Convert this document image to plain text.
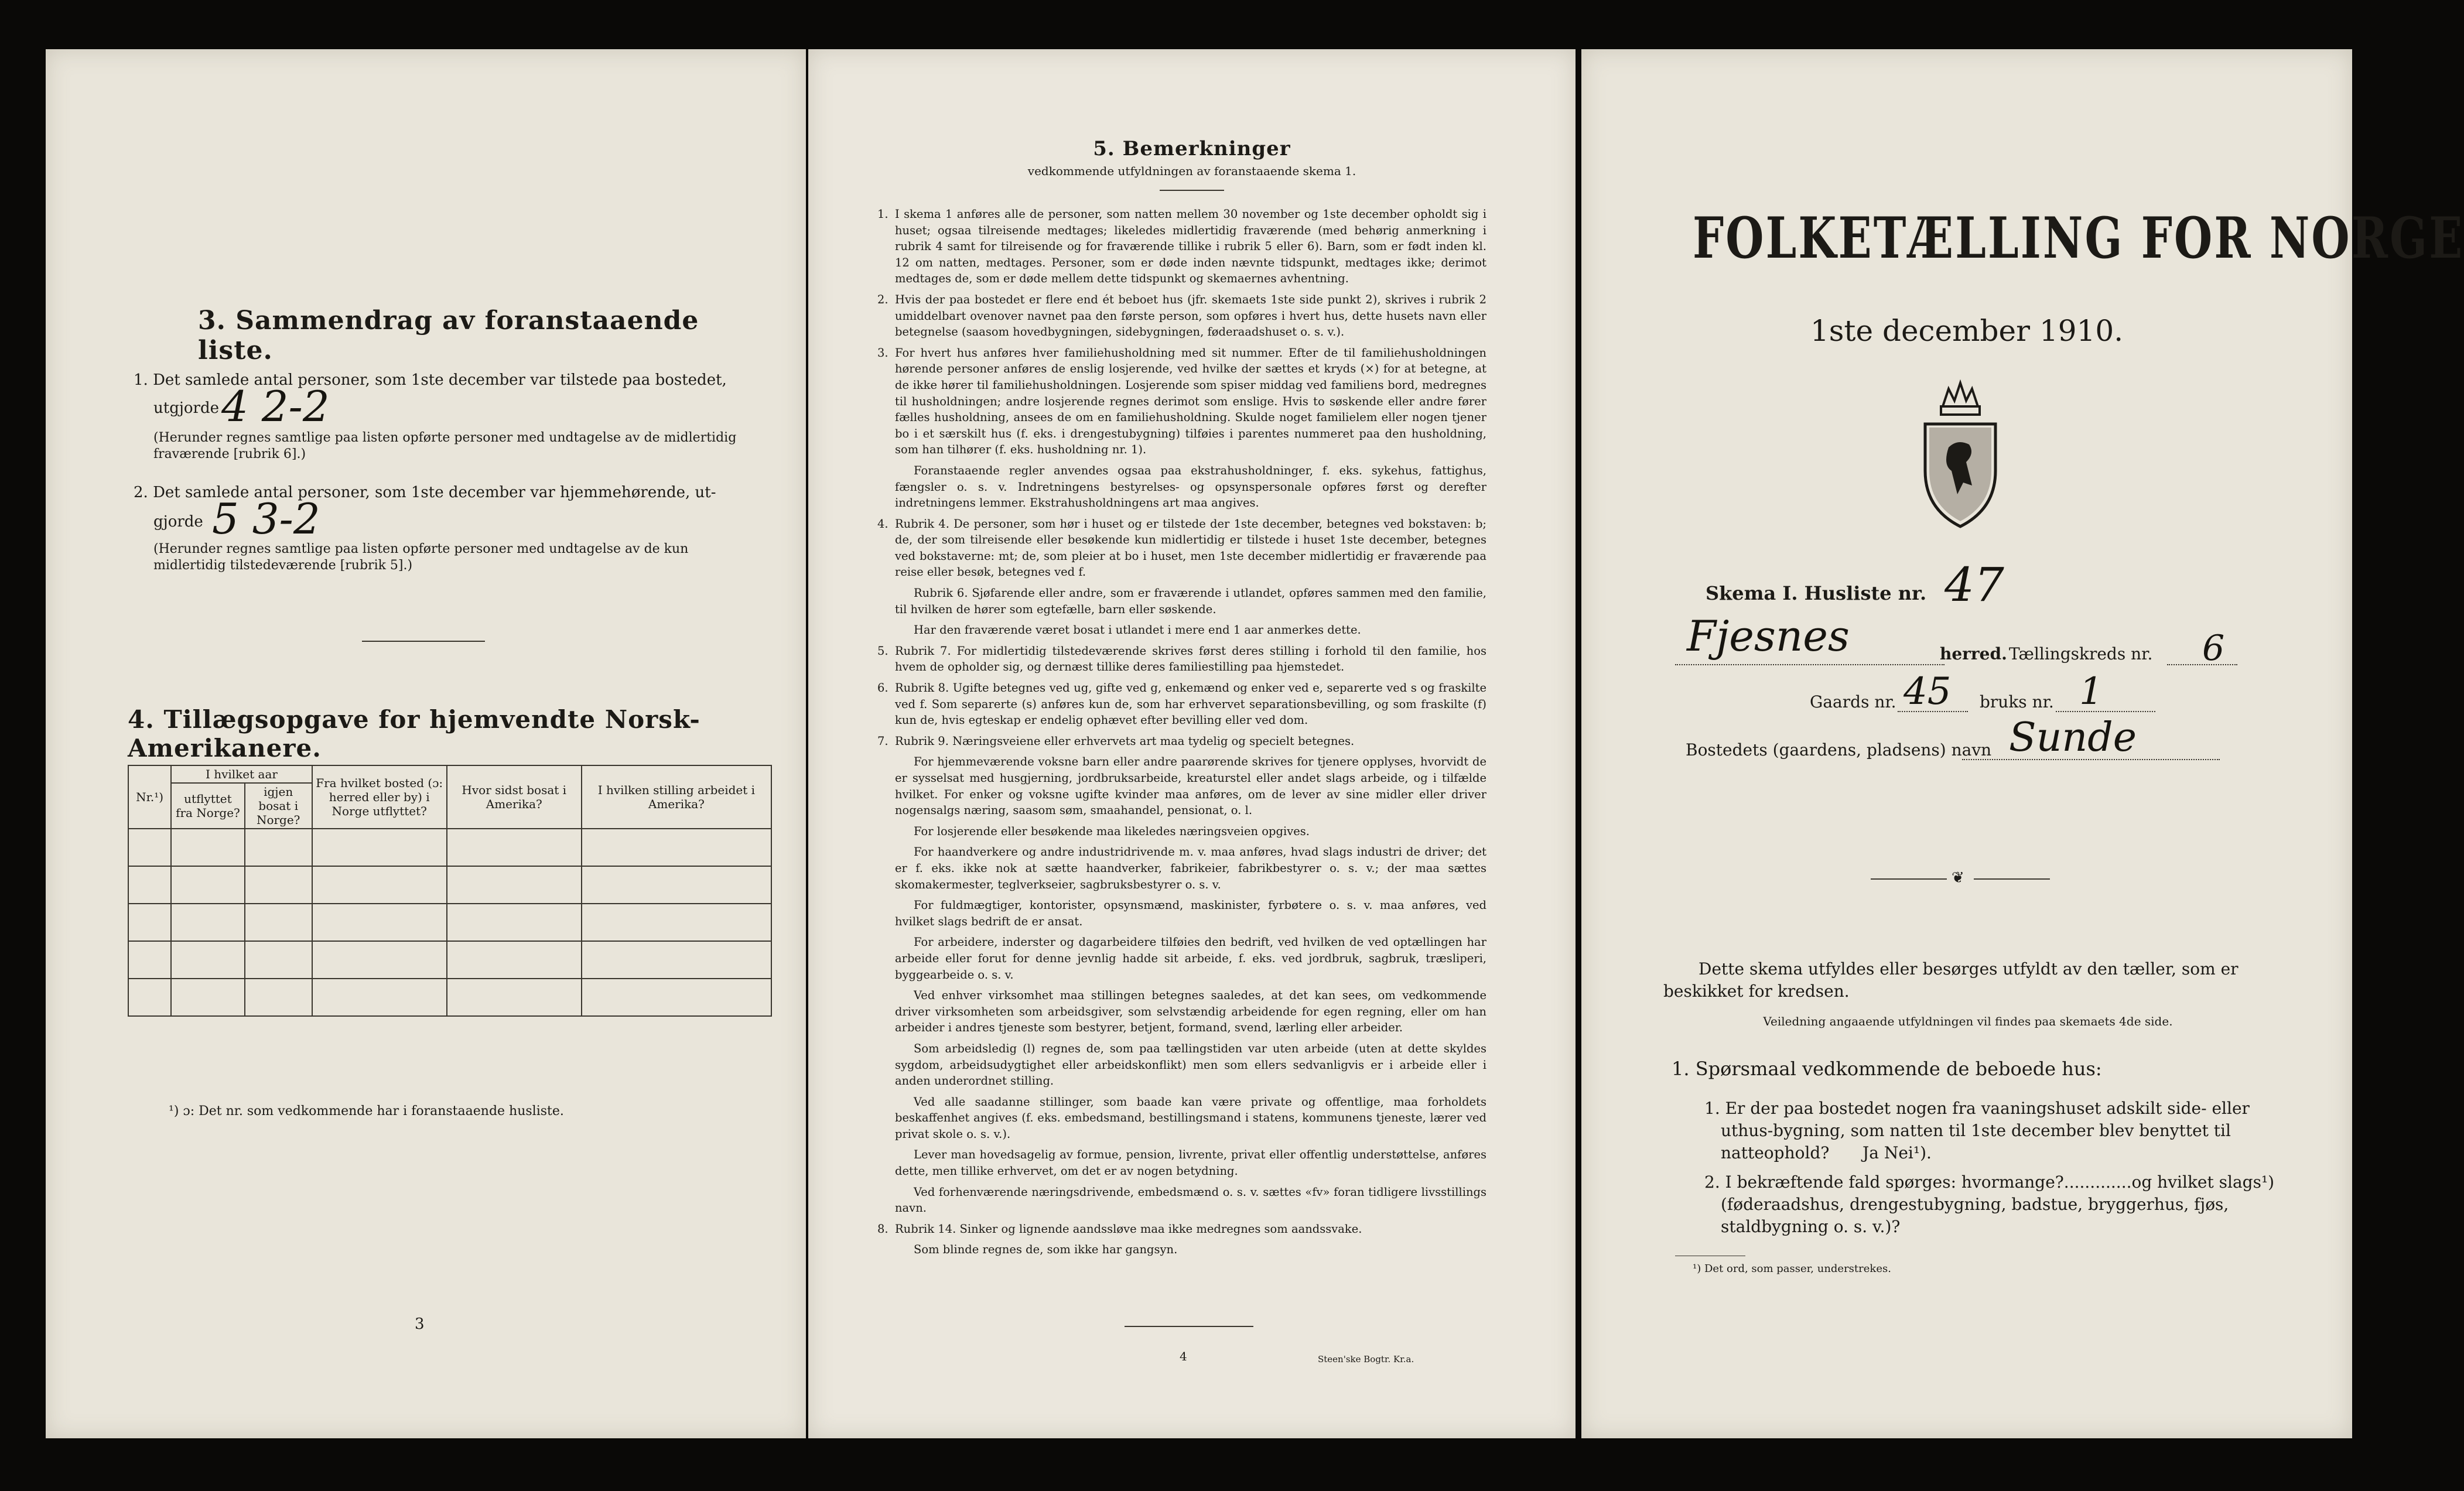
3. Sammendrag av foranstaaende liste.
1. Det samlede antal personer, som 1ste december var tilstede paa bostedet,
utgjorde 4 2-2
(Herunder regnes samtlige paa listen opførte personer med undtagelse av de midlertidig fraværende [rubrik 6].)
2. Det samlede antal personer, som 1ste december var hjemmehørende, ut-
gjorde 5 3-2
(Herunder regnes samtlige paa listen opførte personer med undtagelse av de kun midlertidig tilstedeværende [rubrik 5].)
4. Tillægsopgave for hjemvendte Norsk-Amerikanere.
Nr.¹)	I hvilket aar		Fra hvilket bosted (ɔ: herred eller by) i Norge utflyttet?	Hvor sidst bosat i Amerika?	I hvilken stilling arbeidet i Amerika?
	utflyttet fra Norge?	igjen bosat i Norge?			

¹) ɔ: Det nr. som vedkommende har i foranstaaende husliste.
3
5. Bemerkninger
vedkommende utfyldningen av foranstaaende skema 1.

1. I skema 1 anføres alle de personer, som natten mellem 30 november og 1ste december opholdt sig i huset; ogsaa tilreisende medtages; likeledes midlertidig fraværende (med behørig anmerkning i rubrik 4 samt for tilreisende og for fraværende tillike i rubrik 5 eller 6). Barn, som er født inden kl. 12 om natten, medtages. Personer, som er døde inden nævnte tidspunkt, medtages ikke; derimot medtages de, som er døde mellem dette tidspunkt og skemaernes avhentning.

2. Hvis der paa bostedet er flere end ét beboet hus (jfr. skemaets 1ste side punkt 2), skrives i rubrik 2 umiddelbart ovenover navnet paa den første person, som opføres i hvert hus, dette husets navn eller betegnelse (saasom hovedbygningen, sidebygningen, føderaadshuset o. s. v.).

3. For hvert hus anføres hver familiehusholdning med sit nummer. Efter de til familiehusholdningen hørende personer anføres de enslig losjerende, ved hvilke der sættes et kryds (×) for at betegne, at de ikke hører til familiehusholdningen. Losjerende som spiser middag ved familiens bord, medregnes til husholdningen; andre losjerende regnes derimot som enslige. Hvis to søskende eller andre fører fælles husholdning, ansees de om en familiehusholdning. Skulde noget familielem eller nogen tjener bo i et særskilt hus (f. eks. i drengestubygning) tilføies i parentes nummeret paa den husholdning, som han tilhører (f. eks. husholdning nr. 1).

Foranstaaende regler anvendes ogsaa paa ekstrahusholdninger, f. eks. sykehus, fattighus, fængsler o. s. v. Indretningens bestyrelses- og opsynspersonale opføres først og derefter indretningens lemmer. Ekstrahusholdningens art maa angives.

4. Rubrik 4. De personer, som hør i huset og er tilstede der 1ste december, betegnes ved bokstaven: b; de, der som tilreisende eller besøkende kun midlertidig er tilstede i huset 1ste december, betegnes ved bokstaverne: mt; de, som pleier at bo i huset, men 1ste december midlertidig er fraværende paa reise eller besøk, betegnes ved f.

Rubrik 6. Sjøfarende eller andre, som er fraværende i utlandet, opføres sammen med den familie, til hvilken de hører som egtefælle, barn eller søskende.

Har den fraværende været bosat i utlandet i mere end 1 aar anmerkes dette.

5. Rubrik 7. For midlertidig tilstedeværende skrives først deres stilling i forhold til den familie, hos hvem de opholder sig, og dernæst tillike deres familiestilling paa hjemstedet.

6. Rubrik 8. Ugifte betegnes ved ug, gifte ved g, enkemænd og enker ved e, separerte ved s og fraskilte ved f. Som separerte (s) anføres kun de, som har erhvervet separationsbevilling, og som fraskilte (f) kun de, hvis egteskap er endelig ophævet efter bevilling eller ved dom.

7. Rubrik 9. Næringsveiene eller erhvervets art maa tydelig og specielt betegnes.

For hjemmeværende voksne barn eller andre paarørende skrives for tjenere opplyses, hvorvidt de er sysselsat med husgjerning, jordbruksarbeide, kreaturstel eller andet slags arbeide, og i tilfælde hvilket. For enker og voksne ugifte kvinder maa anføres, om de lever av sine midler eller driver nogensalgs næring, saasom søm, smaahandel, pensionat, o. l.

For losjerende eller besøkende maa likeledes næringsveien opgives.

For haandverkere og andre industridrivende m. v. maa anføres, hvad slags industri de driver; det er f. eks. ikke nok at sætte haandverker, fabrikeier, fabrikbestyrer o. s. v.; der maa sættes skomakermester, teglverkseier, sagbruksbestyrer o. s. v.

For fuldmægtiger, kontorister, opsynsmænd, maskinister, fyrbøtere o. s. v. maa anføres, ved hvilket slags bedrift de er ansat.

For arbeidere, inderster og dagarbeidere tilføies den bedrift, ved hvilken de ved optællingen har arbeide eller forut for denne jevnlig hadde sit arbeide, f. eks. ved jordbruk, sagbruk, træsliperi, byggearbeide o. s. v.

Ved enhver virksomhet maa stillingen betegnes saaledes, at det kan sees, om vedkommende driver virksomheten som arbeidsgiver, som selvstændig arbeidende for egen regning, eller om han arbeider i andres tjeneste som bestyrer, betjent, formand, svend, lærling eller arbeider.

Som arbeidsledig (l) regnes de, som paa tællingstiden var uten arbeide (uten at dette skyldes sygdom, arbeidsudygtighet eller arbeidskonflikt) men som ellers sedvanligvis er i arbeide eller i anden underordnet stilling.

Ved alle saadanne stillinger, som baade kan være private og offentlige, maa forholdets beskaffenhet angives (f. eks. embedsmand, bestillingsmand i statens, kommunens tjeneste, lærer ved privat skole o. s. v.).

Lever man hovedsagelig av formue, pension, livrente, privat eller offentlig understøttelse, anføres dette, men tillike erhvervet, om det er av nogen betydning.

Ved forhenværende næringsdrivende, embedsmænd o. s. v. sættes «fv» foran tidligere livsstillings navn.

8. Rubrik 14. Sinker og lignende aandssløve maa ikke medregnes som aandssvake.

Som blinde regnes de, som ikke har gangsyn.

4	Steen'ske Bogtr. Kr.a.
FOLKETÆLLING FOR NORGE
1ste december 1910.
Skema I. Husliste nr. 47
Fjesnes	herred. Tællingskreds nr. 6
Gaards nr. 45 bruks nr. 1
Bostedets (gaardens, pladsens) navn Sunde
❦
Dette skema utfyldes eller besørges utfyldt av den tæller, som er beskikket for kredsen.
Veiledning angaaende utfyldningen vil findes paa skemaets 4de side.
1. Spørsmaal vedkommende de beboede hus:
1. Er der paa bostedet nogen fra vaaningshuset adskilt side- eller uthus-bygning, som natten til 1ste december blev benyttet til natteophold?	Ja Nei¹).
2. I bekræftende fald spørges: hvormange?.............og hvilket slags¹) (føderaadshus, drengestubygning, badstue, bryggerhus, fjøs, staldbygning o. s. v.)?
¹) Det ord, som passer, understrekes.
